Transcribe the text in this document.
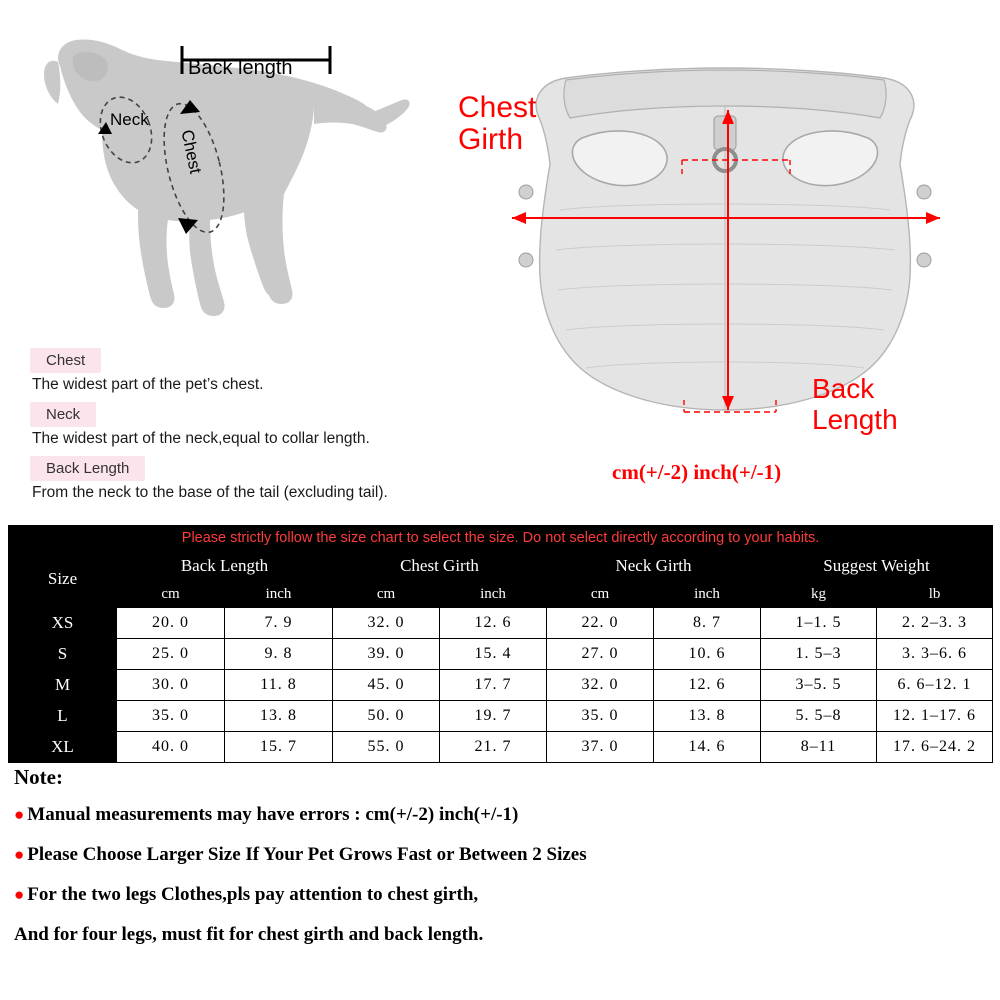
Back length
Neck
Chest
Chest
Girth
Back
Length
cm(+/-2) inch(+/-1)
Chest
The widest part of the pet’s chest.
Neck
The widest part of the neck,equal to collar length.
Back Length
From the neck to the base of the tail (excluding tail).
Please strictly follow the size chart to select the size. Do not select directly according to your habits.								
Size	Back Length		Chest Girth		Neck Girth		Suggest Weight	
	cm	inch	cm	inch	cm	inch	kg	lb
XS	20. 0	7. 9	32. 0	12. 6	22. 0	8. 7	1–1. 5	2. 2–3. 3
S	25. 0	9. 8	39. 0	15. 4	27. 0	10. 6	1. 5–3	3. 3–6. 6
M	30. 0	11. 8	45. 0	17. 7	32. 0	12. 6	3–5. 5	6. 6–12. 1
L	35. 0	13. 8	50. 0	19. 7	35. 0	13. 8	5. 5–8	12. 1–17. 6
XL	40. 0	15. 7	55. 0	21. 7	37. 0	14. 6	8–11	17. 6–24. 2
Note:
● Manual measurements may have errors : cm(+/-2) inch(+/-1)
● Please Choose Larger Size If Your Pet Grows Fast or Between 2 Sizes
● For the two legs Clothes,pls pay attention to chest girth,
And for four legs, must fit for chest girth and back length.
